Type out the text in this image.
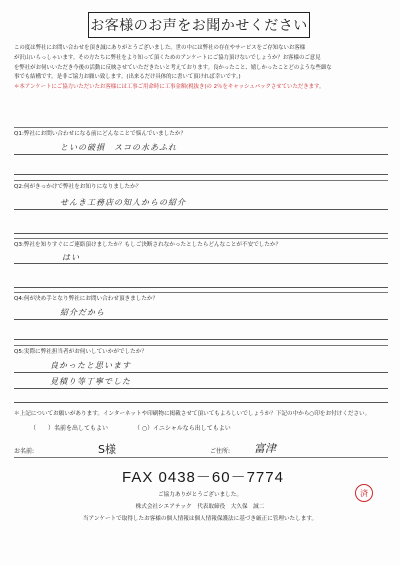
お客様のお声をお聞かせください

この度は弊社にお問い合わせを頂き誠にありがとうございました。世の中には弊社の存在やサービスをご存知ないお客様

が沢山いらっしゃいます。その方たちに弊社をより知って頂くためのアンケートにご協力頂けないでしょうか？お客様のご意見

を弊社がお伺いいただき今後の活動に反映させていただきたいと考えております。良かったこと、嬉しかったことどのような些細な

事でも結構です。是非ご協力お願い致します。(出来るだけ具体的に書いて頂ければ幸いです。)

＊本アンケートにご協力いただいたお客様には工事ご用命時に工事金額(税抜き)の 2％をキャッシュバックさせていただきます。

Q1:弊社にお問い合わせになる前にどんなことで悩んでいましたか？
といの破損　スコの水あふれ
Q2:何がきっかけで弊社をお知りになりましたか？
せんき工務店の知人からの紹介
Q3:弊社を知りすぐにご連絡頂けましたか？もしご決断されなかったとしたらどんなことが不安でしたか？
はい
Q4:何が決め手となり弊社にお問い合わせ頂きましたか？
紹介だから
Q5:実際に弊社担当者がお伺いしていかがでしたか？
良かったと思います
見積り等丁寧でした
＊上記についてお願いがあります。インターネットや印刷物に掲載させて頂いてもよろしいでしょうか？下記の中から○印をお付けください。
（　　）名前を出してもよい	（ ○）イニシャルなら出してもよい
お名前:	S様	ご住所: 富津
FAX 0438－60－7774
ご協力ありがとうございました。
株式会社シエアテック　代表取締役　大久保　誠二
当アンケートで取得したお客様の個人情報は個人情報保護法に基づき厳正に管理いたします。
済
